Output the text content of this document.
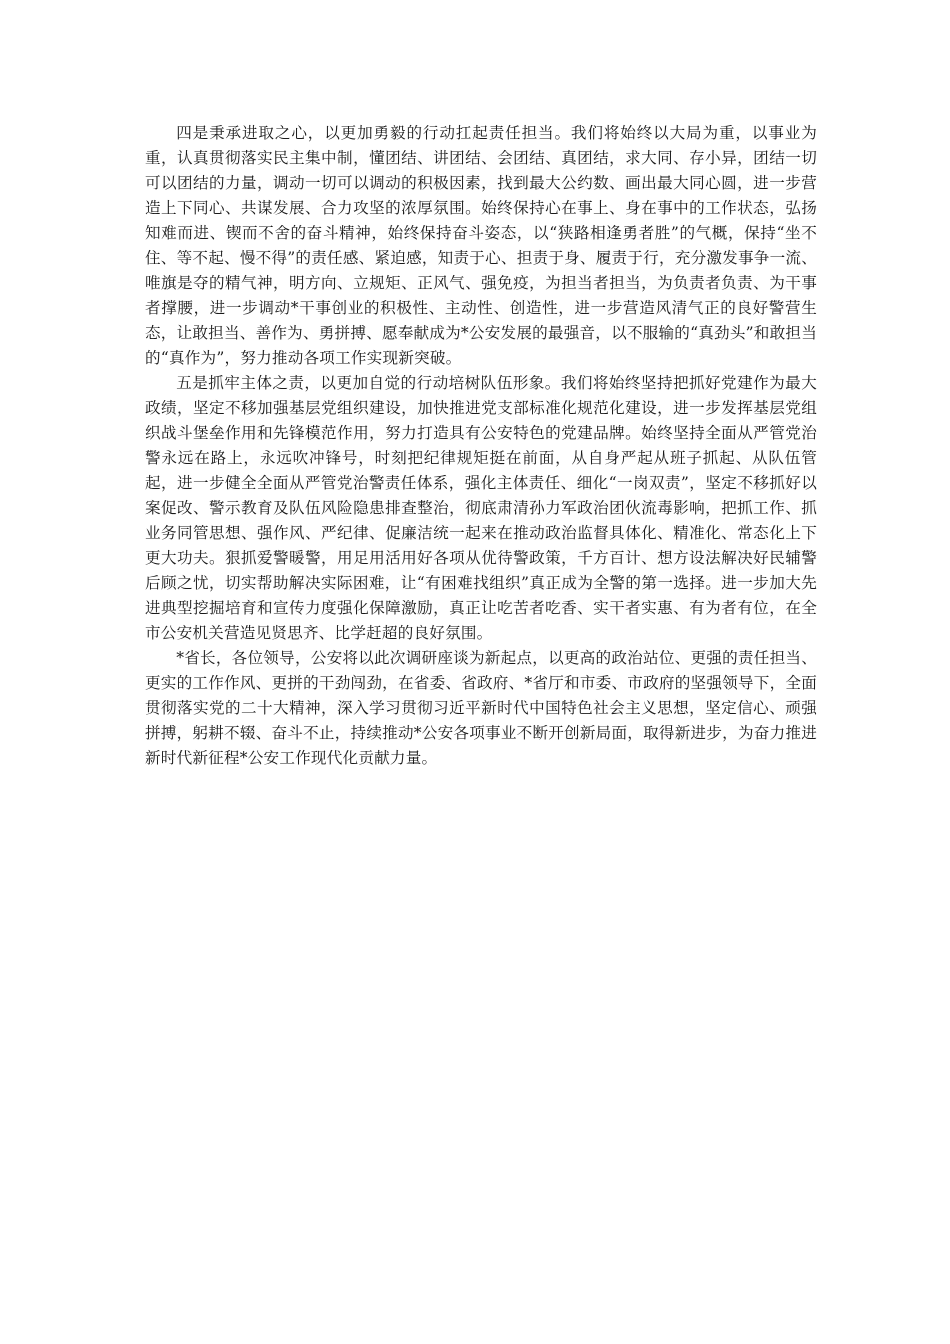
四是秉承进取之心，以更加勇毅的行动扛起责任担当。我们将始终以大局为重，以事业为重，认真贯彻落实民主集中制，懂团结、讲团结、会团结、真团结，求大同、存小异，团结一切可以团结的力量，调动一切可以调动的积极因素，找到最大公约数、画出最大同心圆，进一步营造上下同心、共谋发展、合力攻坚的浓厚氛围。始终保持心在事上、身在事中的工作状态，弘扬知难而进、锲而不舍的奋斗精神，始终保持奋斗姿态，以“狭路相逢勇者胜”的气概，保持“坐不住、等不起、慢不得”的责任感、紧迫感，知责于心、担责于身、履责于行，充分激发事争一流、唯旗是夺的精气神，明方向、立规矩、正风气、强免疫，为担当者担当，为负责者负责、为干事者撑腰，进一步调动*干事创业的积极性、主动性、创造性，进一步营造风清气正的良好警营生态，让敢担当、善作为、勇拼搏、愿奉献成为*公安发展的最强音，以不服输的“真劲头”和敢担当的“真作为”，努力推动各项工作实现新突破。

五是抓牢主体之责，以更加自觉的行动培树队伍形象。我们将始终坚持把抓好党建作为最大政绩，坚定不移加强基层党组织建设，加快推进党支部标准化规范化建设，进一步发挥基层党组织战斗堡垒作用和先锋模范作用，努力打造具有公安特色的党建品牌。始终坚持全面从严管党治警永远在路上，永远吹冲锋号，时刻把纪律规矩挺在前面，从自身严起从班子抓起、从队伍管起，进一步健全全面从严管党治警责任体系，强化主体责任、细化“一岗双责”，坚定不移抓好以案促改、警示教育及队伍风险隐患排查整治，彻底肃清孙力军政治团伙流毒影响，把抓工作、抓业务同管思想、强作风、严纪律、促廉洁统一起来在推动政治监督具体化、精准化、常态化上下更大功夫。狠抓爱警暖警，用足用活用好各项从优待警政策，千方百计、想方设法解决好民辅警后顾之忧，切实帮助解决实际困难，让“有困难找组织”真正成为全警的第一选择。进一步加大先进典型挖掘培育和宣传力度强化保障激励，真正让吃苦者吃香、实干者实惠、有为者有位，在全市公安机关营造见贤思齐、比学赶超的良好氛围。

*省长，各位领导，公安将以此次调研座谈为新起点，以更高的政治站位、更强的责任担当、更实的工作作风、更拼的干劲闯劲，在省委、省政府、*省厅和市委、市政府的坚强领导下，全面贯彻落实党的二十大精神，深入学习贯彻习近平新时代中国特色社会主义思想，坚定信心、顽强拼搏，躬耕不辍、奋斗不止，持续推动*公安各项事业不断开创新局面，取得新进步，为奋力推进新时代新征程*公安工作现代化贡献力量。
